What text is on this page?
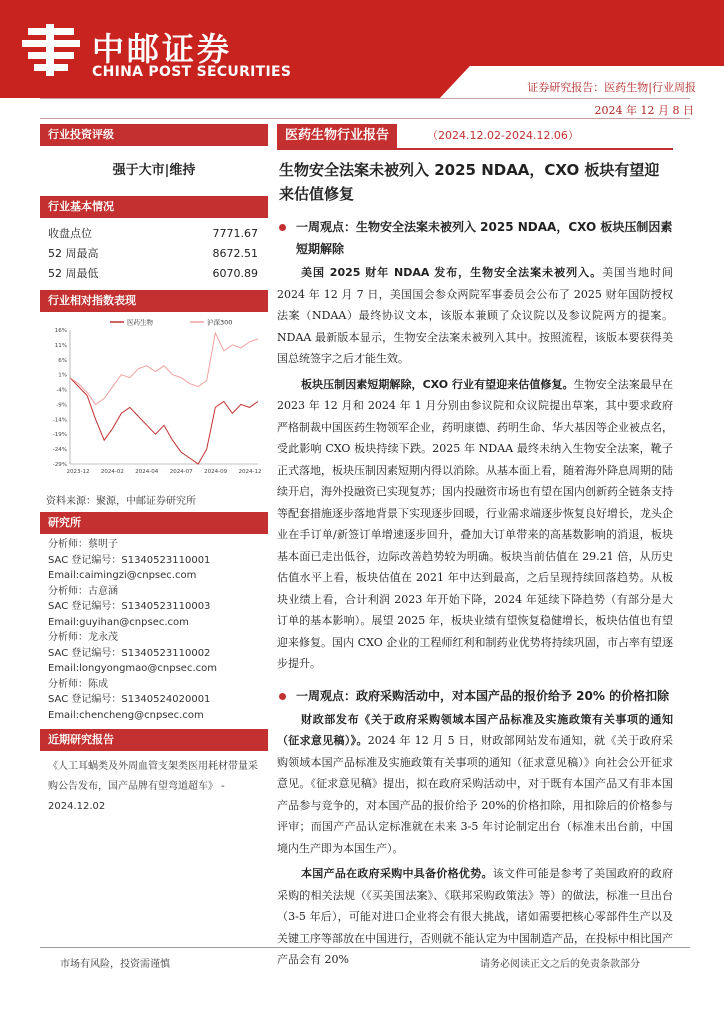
中邮证券
CHINA POST SECURITIES
证券研究报告：医药生物|行业周报
2024 年 12 月 8 日
行业投资评级
强于大市|维持
行业基本情况
收盘点位	7771.67
52 周最高	8672.51
52 周最低	6070.89
行业相对指数表现
16%
11%
6%
1%
-4%
-9%
-14%
-19%
-24%
-29%
2023-12 2024-02 2024-04 2024-07 2024-09 2024-12
医药生物	沪深300
资料来源：聚源，中邮证券研究所
研究所
分析师：蔡明子
SAC 登记编号：S1340523110001
Email:caimingzi@cnpsec.com
分析师：古意涵
SAC 登记编号：S1340523110003
Email:guyihan@cnpsec.com
分析师：龙永茂
SAC 登记编号：S1340523110002
Email:longyongmao@cnpsec.com
分析师：陈成
SAC 登记编号：S1340524020001
Email:chencheng@cnpsec.com
近期研究报告
《人工耳蜗类及外周血管支架类医用耗材带量采购公告发布，国产品牌有望弯道超车》 - 2024.12.02
医药生物行业报告	（2024.12.02-2024.12.06）
生物安全法案未被列入 2025 NDAA，CXO 板块有望迎来估值修复
一周观点：生物安全法案未被列入 2025 NDAA，CXO 板块压制因素短期解除

美国 2025 财年 NDAA 发布，生物安全法案未被列入。美国当地时间 2024 年 12 月 7 日，美国国会参众两院军事委员会公布了 2025 财年国防授权法案（NDAA）最终协议文本，该版本兼顾了众议院以及参议院两方的提案。NDAA 最新版本显示，生物安全法案未被列入其中。按照流程，该版本要获得美国总统签字之后才能生效。

板块压制因素短期解除，CXO 行业有望迎来估值修复。生物安全法案最早在 2023 年 12 月和 2024 年 1 月分别由参议院和众议院提出草案，其中要求政府严格制裁中国医药生物领军企业，药明康德、药明生命、华大基因等企业被点名，受此影响 CXO 板块持续下跌。2025 年 NDAA 最终未纳入生物安全法案，靴子正式落地，板块压制因素短期内得以消除。从基本面上看，随着海外降息周期的陆续开启，海外投融资已实现复苏；国内投融资市场也有望在国内创新药全链条支持等配套措施逐步落地背景下实现逐步回暖，行业需求端逐步恢复良好增长，龙头企业在手订单/新签订单增速逐步回升，叠加大订单带来的高基数影响的消退，板块基本面已走出低谷，边际改善趋势较为明确。板块当前估值在 29.21 倍，从历史估值水平上看，板块估值在 2021 年中达到最高，之后呈现持续回落趋势。从板块业绩上看，合计利润 2023 年开始下降，2024 年延续下降趋势（有部分是大订单的基本影响）。展望 2025 年，板块业绩有望恢复稳健增长，板块估值也有望迎来修复。国内 CXO 企业的工程师红利和制药业优势将持续巩固，市占率有望逐步提升。

一周观点：政府采购活动中，对本国产品的报价给予 20% 的价格扣除

财政部发布《关于政府采购领域本国产品标准及实施政策有关事项的通知（征求意见稿）》。2024 年 12 月 5 日，财政部网站发布通知，就《关于政府采购领域本国产品标准及实施政策有关事项的通知（征求意见稿）》向社会公开征求意见。《征求意见稿》提出，拟在政府采购活动中，对于既有本国产品又有非本国产品参与竞争的，对本国产品的报价给予 20%的价格扣除，用扣除后的价格参与评审；而国产产品认定标准就在未来 3-5 年讨论制定出台（标准未出台前，中国境内生产即为本国生产）。

本国产品在政府采购中具备价格优势。该文件可能是参考了美国政府的政府采购的相关法规（《买美国法案》、《联邦采购政策法》等）的做法，标准一旦出台（3-5 年后），可能对进口企业将会有很大挑战，诸如需要把核心零部件生产以及关键工序等部放在中国进行，否则就不能认定为中国制造产品，在投标中相比国产产品会有 20%

市场有风险，投资需谨慎	请务必阅读正文之后的免责条款部分
